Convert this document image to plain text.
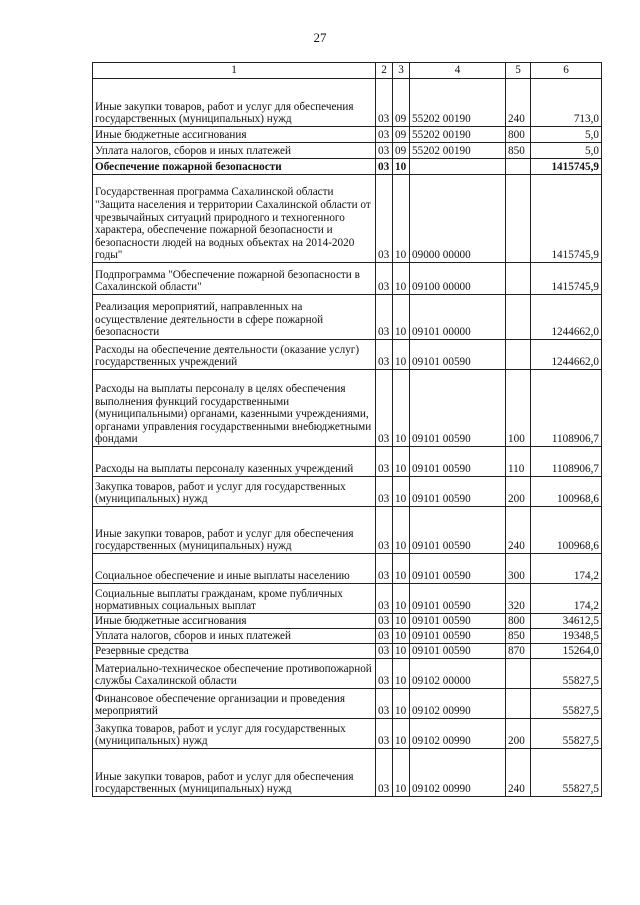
27
1	2	3	4	5	6
Иные закупки товаров, работ и услуг для обеспечения государственных (муниципальных) нужд	03	09	55202 00190	240	713,0
Иные бюджетные ассигнования	03	09	55202 00190	800	5,0
Уплата налогов, сборов и иных платежей	03	09	55202 00190	850	5,0
Обеспечение пожарной безопасности	03	10			1415745,9
Государственная программа Сахалинской области "Защита населения и территории Сахалинской области от чрезвычайных ситуаций природного и техногенного характера, обеспечение пожарной безопасности и безопасности людей на водных объектах на 2014-2020 годы"	03	10	09000 00000		1415745,9
Подпрограмма "Обеспечение пожарной безопасности в Сахалинской области"	03	10	09100 00000		1415745,9
Реализация мероприятий, направленных на осуществление деятельности в сфере пожарной безопасности	03	10	09101 00000		1244662,0
Расходы на обеспечение деятельности (оказание услуг) государственных учреждений	03	10	09101 00590		1244662,0
Расходы на выплаты персоналу в целях обеспечения выполнения функций государственными (муниципальными) органами, казенными учреждениями, органами управления государственными внебюджетными фондами	03	10	09101 00590	100	1108906,7
Расходы на выплаты персоналу казенных учреждений	03	10	09101 00590	110	1108906,7
Закупка товаров, работ и услуг для государственных (муниципальных) нужд	03	10	09101 00590	200	100968,6
Иные закупки товаров, работ и услуг для обеспечения государственных (муниципальных) нужд	03	10	09101 00590	240	100968,6
Социальное обеспечение и иные выплаты населению	03	10	09101 00590	300	174,2
Социальные выплаты гражданам, кроме публичных нормативных социальных выплат	03	10	09101 00590	320	174,2
Иные бюджетные ассигнования	03	10	09101 00590	800	34612,5
Уплата налогов, сборов и иных платежей	03	10	09101 00590	850	19348,5
Резервные средства	03	10	09101 00590	870	15264,0
Материально-техническое обеспечение противопожарной службы Сахалинской области	03	10	09102 00000		55827,5
Финансовое обеспечение организации и проведения мероприятий	03	10	09102 00990		55827,5
Закупка товаров, работ и услуг для государственных (муниципальных) нужд	03	10	09102 00990	200	55827,5
Иные закупки товаров, работ и услуг для обеспечения государственных (муниципальных) нужд	03	10	09102 00990	240	55827,5
